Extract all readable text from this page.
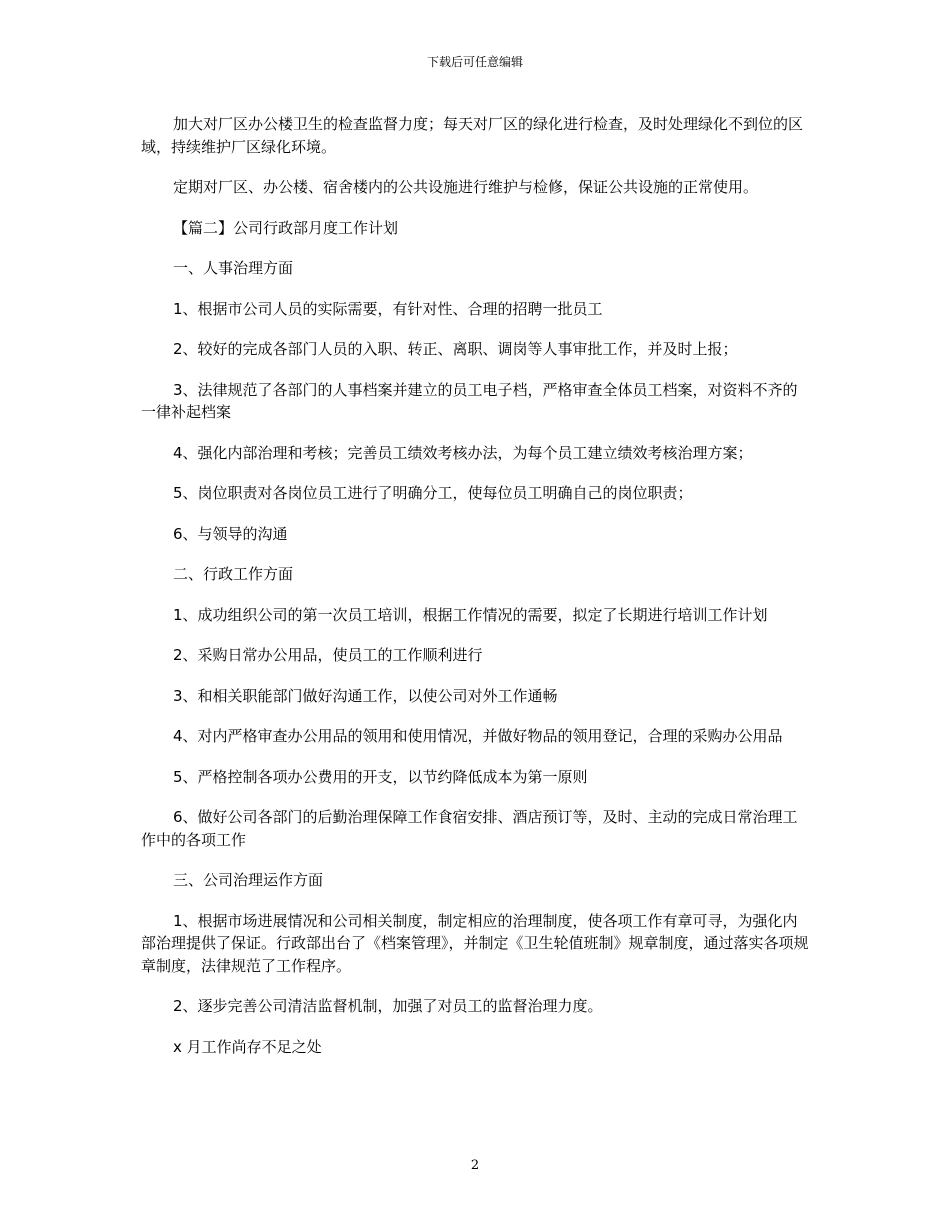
下载后可任意编辑

加大对厂区办公楼卫生的检查监督力度；每天对厂区的绿化进行检查，及时处理绿化不到位的区域，持续维护厂区绿化环境。

定期对厂区、办公楼、宿舍楼内的公共设施进行维护与检修，保证公共设施的正常使用。

【篇二】公司行政部月度工作计划

一、人事治理方面

1、根据市公司人员的实际需要，有针对性、合理的招聘一批员工

2、较好的完成各部门人员的入职、转正、离职、调岗等人事审批工作，并及时上报；

3、法律规范了各部门的人事档案并建立的员工电子档，严格审查全体员工档案，对资料不齐的一律补起档案

4、强化内部治理和考核；完善员工绩效考核办法，为每个员工建立绩效考核治理方案；

5、岗位职责对各岗位员工进行了明确分工，使每位员工明确自己的岗位职责；

6、与领导的沟通

二、行政工作方面

1、成功组织公司的第一次员工培训，根据工作情况的需要，拟定了长期进行培训工作计划

2、采购日常办公用品，使员工的工作顺利进行

3、和相关职能部门做好沟通工作，以使公司对外工作通畅

4、对内严格审查办公用品的领用和使用情况，并做好物品的领用登记，合理的采购办公用品

5、严格控制各项办公费用的开支，以节约降低成本为第一原则

6、做好公司各部门的后勤治理保障工作食宿安排、酒店预订等，及时、主动的完成日常治理工作中的各项工作

三、公司治理运作方面

1、根据市场进展情况和公司相关制度，制定相应的治理制度，使各项工作有章可寻，为强化内部治理提供了保证。行政部出台了《档案管理》，并制定《卫生轮值班制》规章制度，通过落实各项规章制度，法律规范了工作程序。

2、逐步完善公司清洁监督机制，加强了对员工的监督治理力度。

x 月工作尚存不足之处

2
